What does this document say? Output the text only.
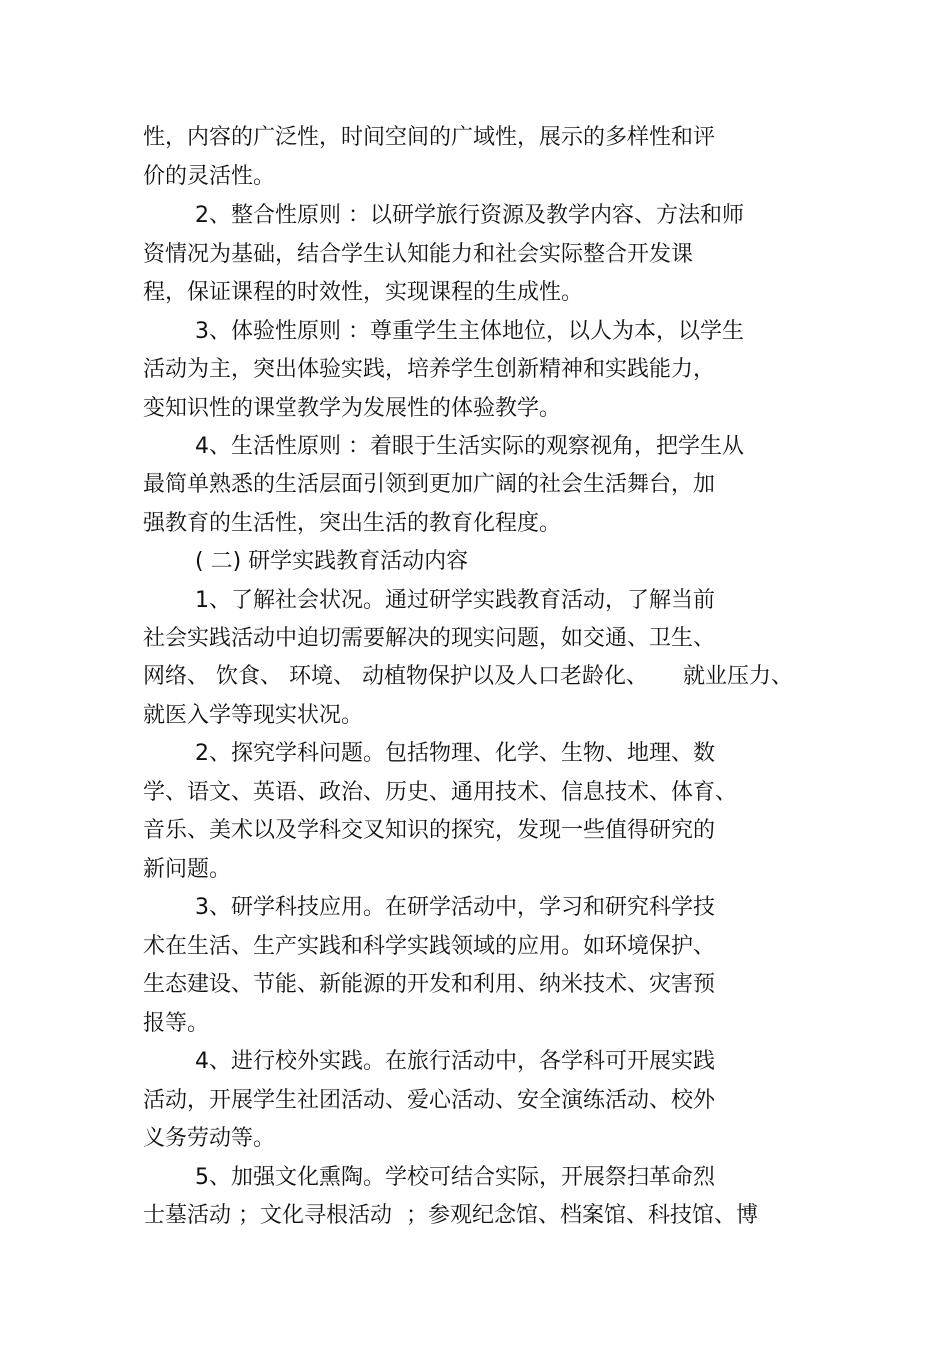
性，内容的广泛性，时间空间的广域性，展示的多样性和评
价的灵活性。
2、整合性原则 ：以研学旅行资源及教学内容、方法和师
资情况为基础，结合学生认知能力和社会实际整合开发课
程，保证课程的时效性，实现课程的生成性。
3、体验性原则 ：尊重学生主体地位，以人为本，以学生
活动为主，突出体验实践，培养学生创新精神和实践能力，
变知识性的课堂教学为发展性的体验教学。
4、生活性原则 ：着眼于生活实际的观察视角，把学生从
最简单熟悉的生活层面引领到更加广阔的社会生活舞台，加
强教育的生活性，突出生活的教育化程度。
( 二) 研学实践教育活动内容
1、了解社会状况。通过研学实践教育活动，了解当前
社会实践活动中迫切需要解决的现实问题，如交通、卫生、
网络、 饮食、 环境、 动植物保护以及人口老龄化、     就业压力、
就医入学等现实状况。
2、探究学科问题。包括物理、化学、生物、地理、数
学、语文、英语、政治、历史、通用技术、信息技术、体育、
音乐、美术以及学科交叉知识的探究，发现一些值得研究的
新问题。
3、研学科技应用。在研学活动中，学习和研究科学技
术在生活、生产实践和科学实践领域的应用。如环境保护、
生态建设、节能、新能源的开发和利用、纳米技术、灾害预
报等。
4、进行校外实践。在旅行活动中，各学科可开展实践
活动，开展学生社团活动、爱心活动、安全演练活动、校外
义务劳动等。
5、加强文化熏陶。学校可结合实际，开展祭扫革命烈
士墓活动 ；文化寻根活动  ；参观纪念馆、档案馆、科技馆、博
